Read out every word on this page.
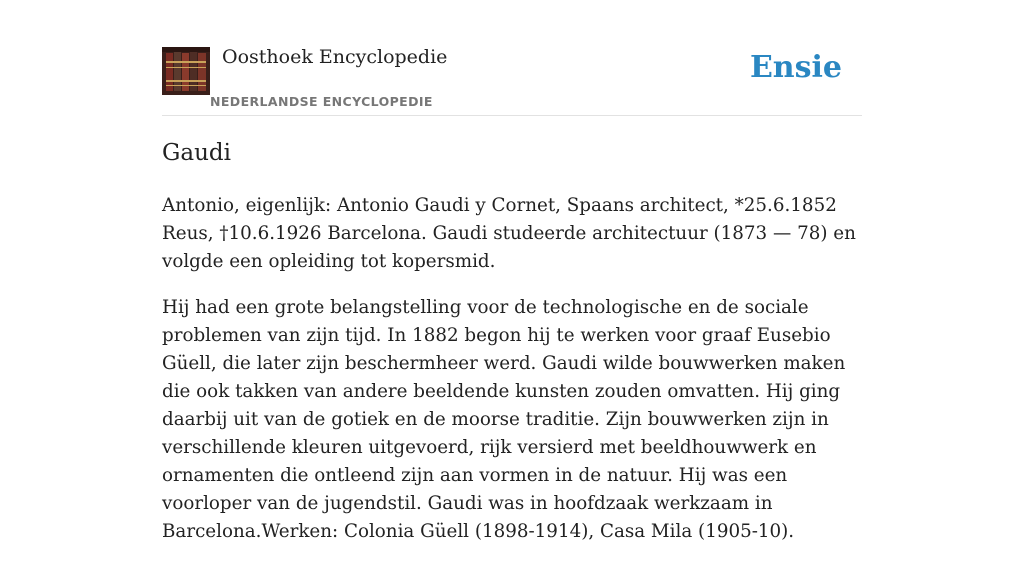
Oosthoek Encyclopedie
NEDERLANDSE ENCYCLOPEDIE
Ensie
Gaudi

Antonio, eigenlijk: Antonio Gaudi y Cornet, Spaans architect, *25.6.1852 Reus, †10.6.1926 Barcelona. Gaudi studeerde architectuur (1873 — 78) en volgde een opleiding tot kopersmid.

Hij had een grote belangstelling voor de technologische en de sociale problemen van zijn tijd. In 1882 begon hij te werken voor graaf Eusebio Güell, die later zijn beschermheer werd. Gaudi wilde bouwwerken maken die ook takken van andere beeldende kunsten zouden omvatten. Hij ging daarbij uit van de gotiek en de moorse traditie. Zijn bouwwerken zijn in verschillende kleuren uitgevoerd, rijk versierd met beeldhouwwerk en ornamenten die ontleend zijn aan vormen in de natuur. Hij was een voorloper van de jugendstil. Gaudi was in hoofdzaak werkzaam in Barcelona.Werken: Colonia Güell (1898-1914), Casa Mila (1905-10).
